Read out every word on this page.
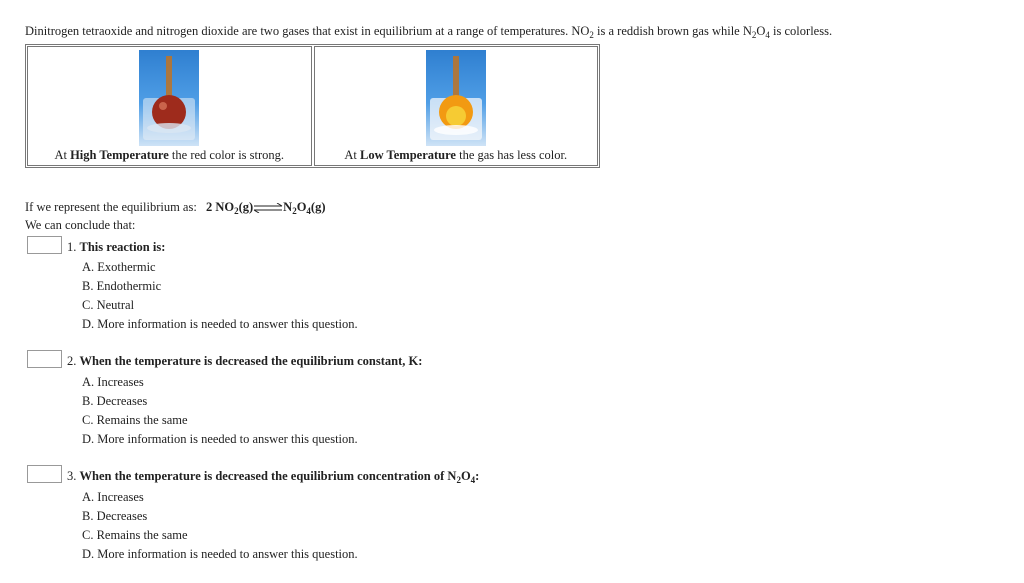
Dinitrogen tetraoxide and nitrogen dioxide are two gases that exist in equilibrium at a range of temperatures. $NO_2$ is a reddish brown gas while $N_2O_4$ is colorless.
At High Temperature the red color is strong.	At Low Temperature the gas has less color.
If we represent the equilibrium as: 2 $NO_2(g)\rightleftharpoons N_2O_4(g)$
We can conclude that:
1. This reaction is:
A. Exothermic
B. Endothermic
C. Neutral
D. More information is needed to answer this question.
2. When the temperature is decreased the equilibrium constant, K:
A. Increases
B. Decreases
C. Remains the same
D. More information is needed to answer this question.
3. When the temperature is decreased the equilibrium concentration of $N_2O_4$:
A. Increases
B. Decreases
C. Remains the same
D. More information is needed to answer this question.
